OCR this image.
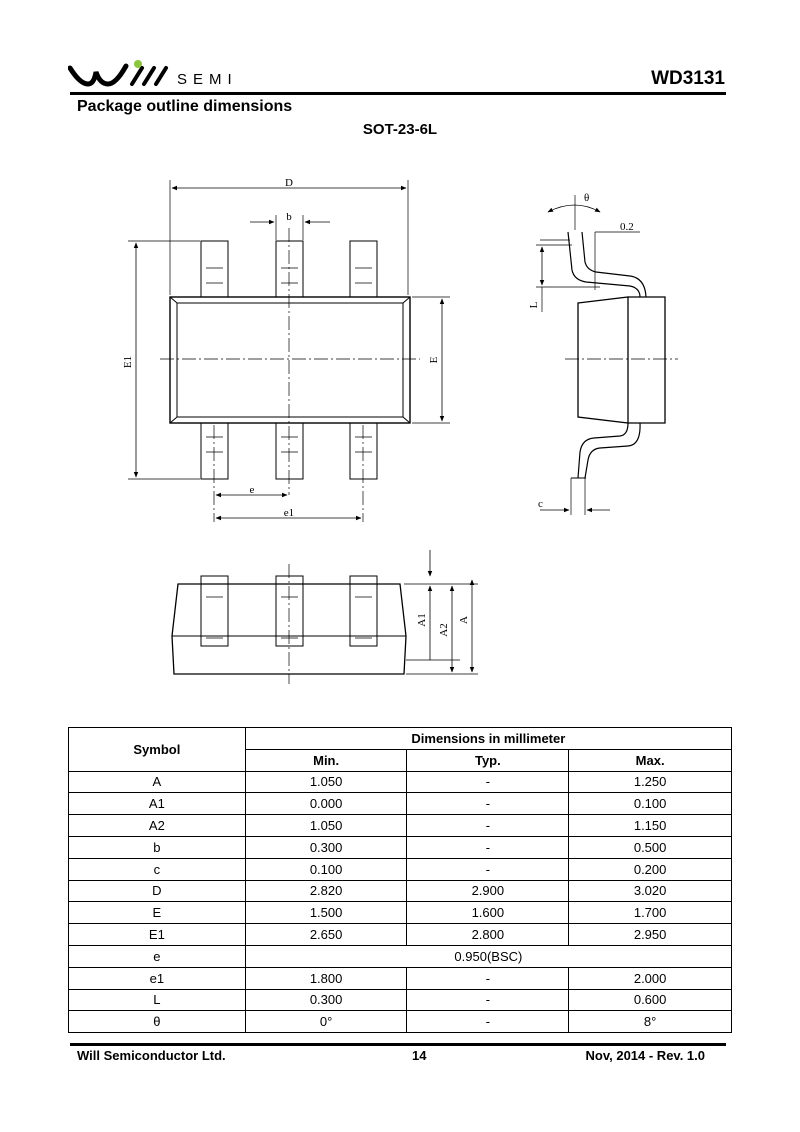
SEMI	WD3131
Package outline dimensions
SOT-23-6L
D
b
E1	E
e
e1
θ
0.2
L
c
A1
A2
A
Symbol	Dimensions in millimeter		
	Min.	Typ.	Max.
A	1.050	-	1.250
A1	0.000	-	0.100
A2	1.050	-	1.150
b	0.300	-	0.500
c	0.100	-	0.200
D	2.820	2.900	3.020
E	1.500	1.600	1.700
E1	2.650	2.800	2.950
e	0.950(BSC)		
e1	1.800	-	2.000
L	0.300	-	0.600
θ	0°	-	8°
Will Semiconductor Ltd.	14	Nov, 2014 - Rev. 1.0
